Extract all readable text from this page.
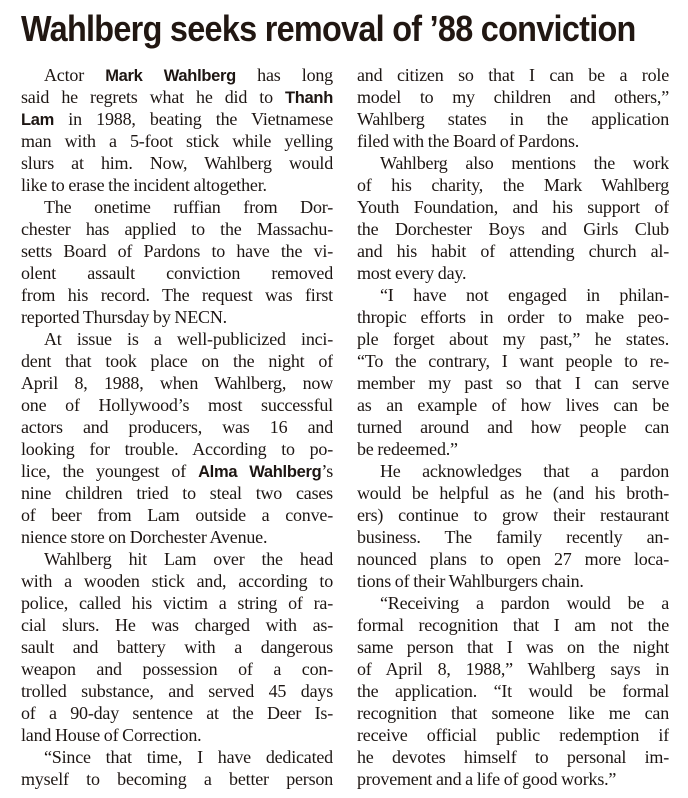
Wahlberg seeks removal of ’88 conviction
Actor Mark Wahlberg has long
said he regrets what he did to Thanh
Lam in 1988, beating the Vietnamese
man with a 5-foot stick while yelling
slurs at him. Now, Wahlberg would
like to erase the incident altogether.
The onetime ruffian from Dor-
chester has applied to the Massachu-
setts Board of Pardons to have the vi-
olent assault conviction removed
from his record. The request was first
reported Thursday by NECN.
At issue is a well-publicized inci-
dent that took place on the night of
April 8, 1988, when Wahlberg, now
one of Hollywood’s most successful
actors and producers, was 16 and
looking for trouble. According to po-
lice, the youngest of Alma Wahlberg’s
nine children tried to steal two cases
of beer from Lam outside a conve-
nience store on Dorchester Avenue.
Wahlberg hit Lam over the head
with a wooden stick and, according to
police, called his victim a string of ra-
cial slurs. He was charged with as-
sault and battery with a dangerous
weapon and possession of a con-
trolled substance, and served 45 days
of a 90-day sentence at the Deer Is-
land House of Correction.
“Since that time, I have dedicated
myself to becoming a better person
and citizen so that I can be a role
model to my children and others,”
Wahlberg states in the application
filed with the Board of Pardons.
Wahlberg also mentions the work
of his charity, the Mark Wahlberg
Youth Foundation, and his support of
the Dorchester Boys and Girls Club
and his habit of attending church al-
most every day.
“I have not engaged in philan-
thropic efforts in order to make peo-
ple forget about my past,” he states.
“To the contrary, I want people to re-
member my past so that I can serve
as an example of how lives can be
turned around and how people can
be redeemed.”
He acknowledges that a pardon
would be helpful as he (and his broth-
ers) continue to grow their restaurant
business. The family recently an-
nounced plans to open 27 more loca-
tions of their Wahlburgers chain.
“Receiving a pardon would be a
formal recognition that I am not the
same person that I was on the night
of April 8, 1988,” Wahlberg says in
the application. “It would be formal
recognition that someone like me can
receive official public redemption if
he devotes himself to personal im-
provement and a life of good works.”
